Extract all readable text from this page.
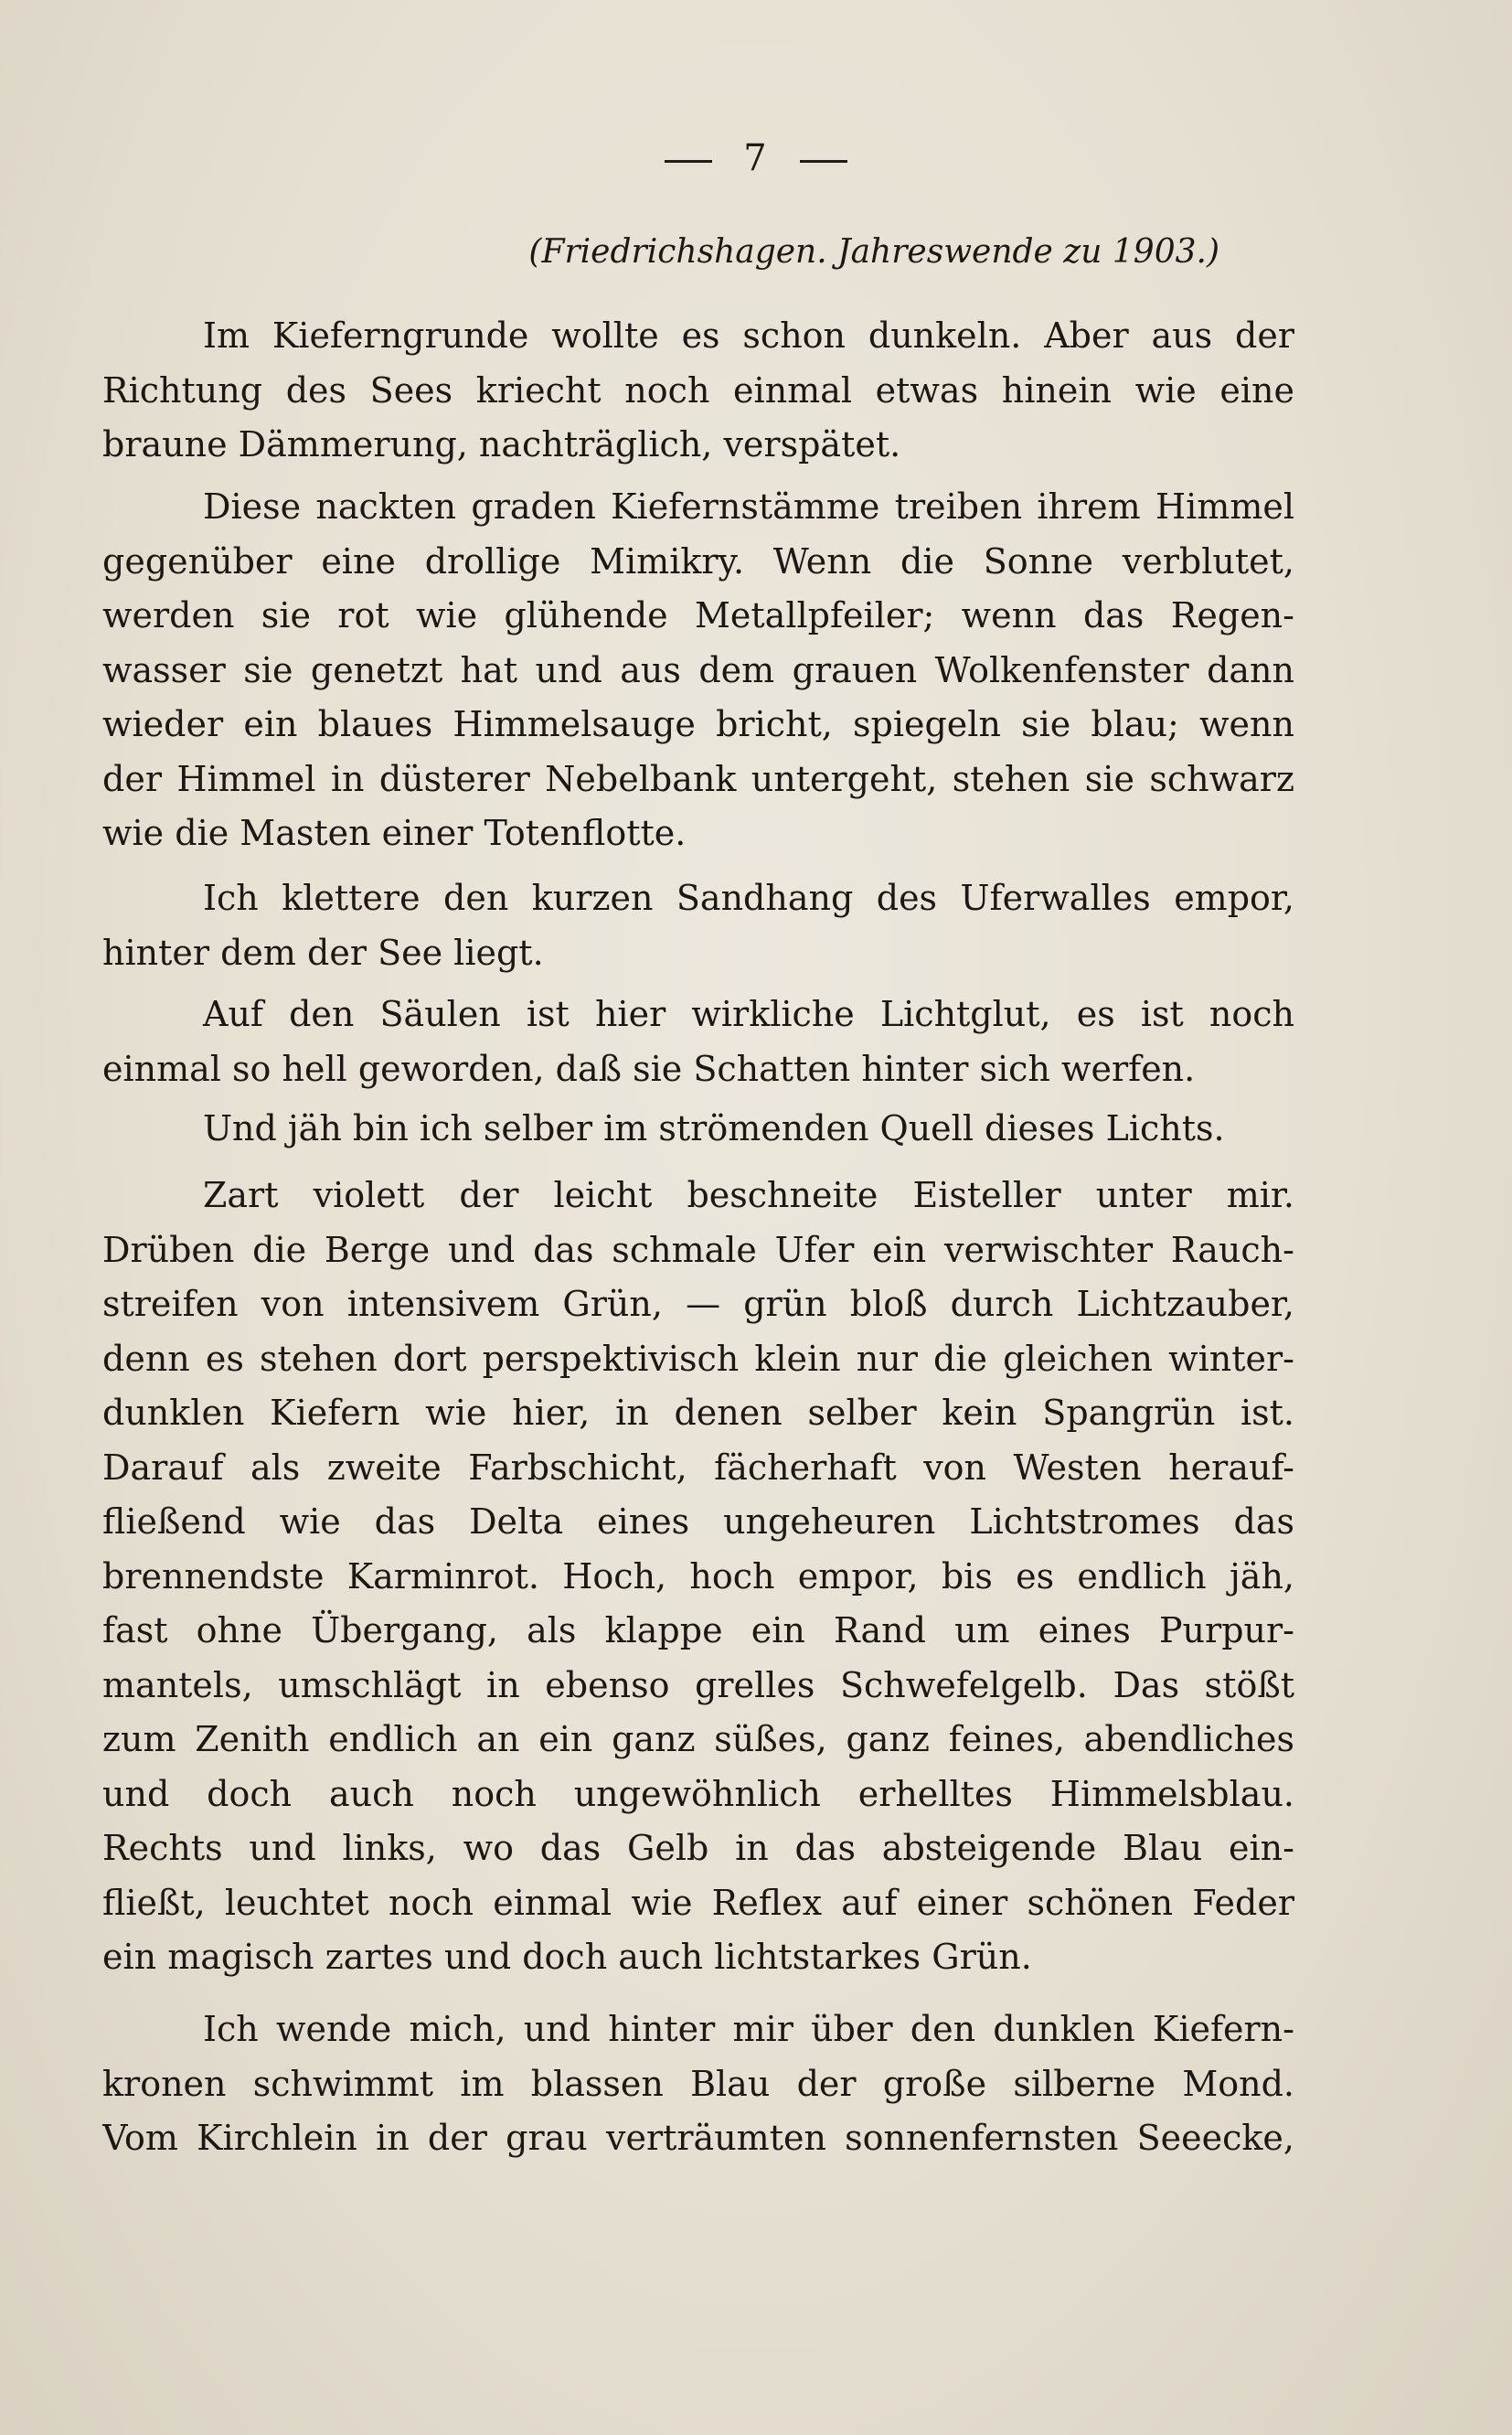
7
(Friedrichshagen. Jahreswende zu 1903.)
Im Kieferngrunde wollte es schon dunkeln. Aber aus der
Richtung des Sees kriecht noch einmal etwas hinein wie eine
braune Dämmerung, nachträglich, verspätet.
Diese nackten graden Kiefernstämme treiben ihrem Himmel
gegenüber eine drollige Mimikry. Wenn die Sonne verblutet,
werden sie rot wie glühende Metallpfeiler; wenn das Regen-
wasser sie genetzt hat und aus dem grauen Wolkenfenster dann
wieder ein blaues Himmelsauge bricht, spiegeln sie blau; wenn
der Himmel in düsterer Nebelbank untergeht, stehen sie schwarz
wie die Masten einer Totenflotte.
Ich klettere den kurzen Sandhang des Uferwalles empor,
hinter dem der See liegt.
Auf den Säulen ist hier wirkliche Lichtglut, es ist noch
einmal so hell geworden, daß sie Schatten hinter sich werfen.
Und jäh bin ich selber im strömenden Quell dieses Lichts.
Zart violett der leicht beschneite Eisteller unter mir.
Drüben die Berge und das schmale Ufer ein verwischter Rauch-
streifen von intensivem Grün, — grün bloß durch Lichtzauber,
denn es stehen dort perspektivisch klein nur die gleichen winter-
dunklen Kiefern wie hier, in denen selber kein Spangrün ist.
Darauf als zweite Farbschicht, fächerhaft von Westen herauf-
fließend wie das Delta eines ungeheuren Lichtstromes das
brennendste Karminrot. Hoch, hoch empor, bis es endlich jäh,
fast ohne Übergang, als klappe ein Rand um eines Purpur-
mantels, umschlägt in ebenso grelles Schwefelgelb. Das stößt
zum Zenith endlich an ein ganz süßes, ganz feines, abendliches
und doch auch noch ungewöhnlich erhelltes Himmelsblau.
Rechts und links, wo das Gelb in das absteigende Blau ein-
fließt, leuchtet noch einmal wie Reflex auf einer schönen Feder
ein magisch zartes und doch auch lichtstarkes Grün.
Ich wende mich, und hinter mir über den dunklen Kiefern-
kronen schwimmt im blassen Blau der große silberne Mond.
Vom Kirchlein in der grau verträumten sonnenfernsten Seeecke,
